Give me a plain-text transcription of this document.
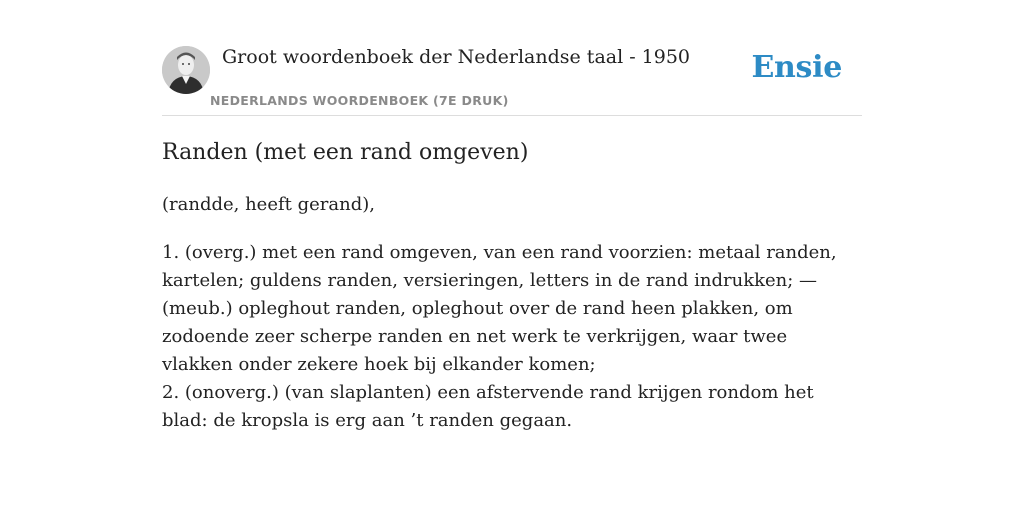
Groot woordenboek der Nederlandse taal - 1950
NEDERLANDS WOORDENBOEK (7E DRUK)
Ensie
Randen (met een rand omgeven)

(randde, heeft gerand),

1. (overg.) met een rand omgeven, van een rand voorzien: metaal randen, kartelen; guldens randen, versieringen, letters in de rand indrukken; — (meub.) opleghout randen, opleghout over de rand heen plakken, om zodoende zeer scherpe randen en net werk te verkrijgen, waar twee vlakken onder zekere hoek bij elkander komen;
2. (onoverg.) (van slaplanten) een afstervende rand krijgen rondom het blad: de kropsla is erg aan ’t randen gegaan.
